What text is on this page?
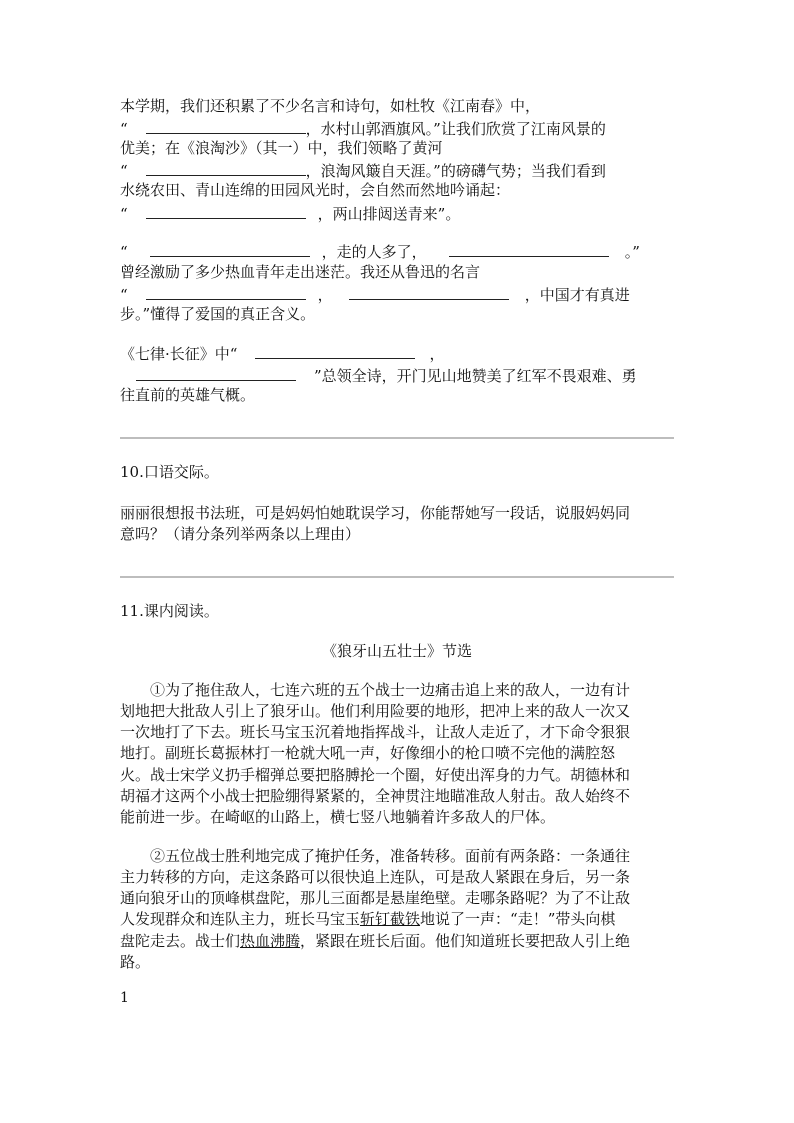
本学期，我们还积累了不少名言和诗句，如杜牧《江南春》中，
“	，水村山郭酒旗风。”让我们欣赏了江南风景的
优美；在《浪淘沙》（其一）中，我们领略了黄河
“	，浪淘风簸自天涯。”的磅礴气势；当我们看到
水绕农田、青山连绵的田园风光时，会自然而然地吟诵起：
“	，两山排闼送青来”。
“	，走的人多了，	。”
曾经激励了多少热血青年走出迷茫。我还从鲁迅的名言
“	，	，中国才有真进
步。”懂得了爱国的真正含义。
《七律·长征》中“	，
”总领全诗，开门见山地赞美了红军不畏艰难、勇
往直前的英雄气概。
10.口语交际。
丽丽很想报书法班，可是妈妈怕她耽误学习，你能帮她写一段话，说服妈妈同
意吗？（请分条列举两条以上理由）
11.课内阅读。
《狼牙山五壮士》节选
①为了拖住敌人，七连六班的五个战士一边痛击追上来的敌人，一边有计
划地把大批敌人引上了狼牙山。他们利用险要的地形，把冲上来的敌人一次又
一次地打了下去。班长马宝玉沉着地指挥战斗，让敌人走近了，才下命令狠狠
地打。副班长葛振林打一枪就大吼一声，好像细小的枪口喷不完他的满腔怒
火。战士宋学义扔手榴弹总要把胳膊抡一个圈，好使出浑身的力气。胡德林和
胡福才这两个小战士把脸绷得紧紧的，全神贯注地瞄准敌人射击。敌人始终不
能前进一步。在崎岖的山路上，横七竖八地躺着许多敌人的尸体。
②五位战士胜利地完成了掩护任务，准备转移。面前有两条路：一条通往
主力转移的方向，走这条路可以很快追上连队，可是敌人紧跟在身后，另一条
通向狼牙山的顶峰棋盘陀，那儿三面都是悬崖绝壁。走哪条路呢？为了不让敌
人发现群众和连队主力，班长马宝玉斩钉截铁地说了一声：“走！”带头向棋
盘陀走去。战士们热血沸腾，紧跟在班长后面。他们知道班长要把敌人引上绝
路。
1
